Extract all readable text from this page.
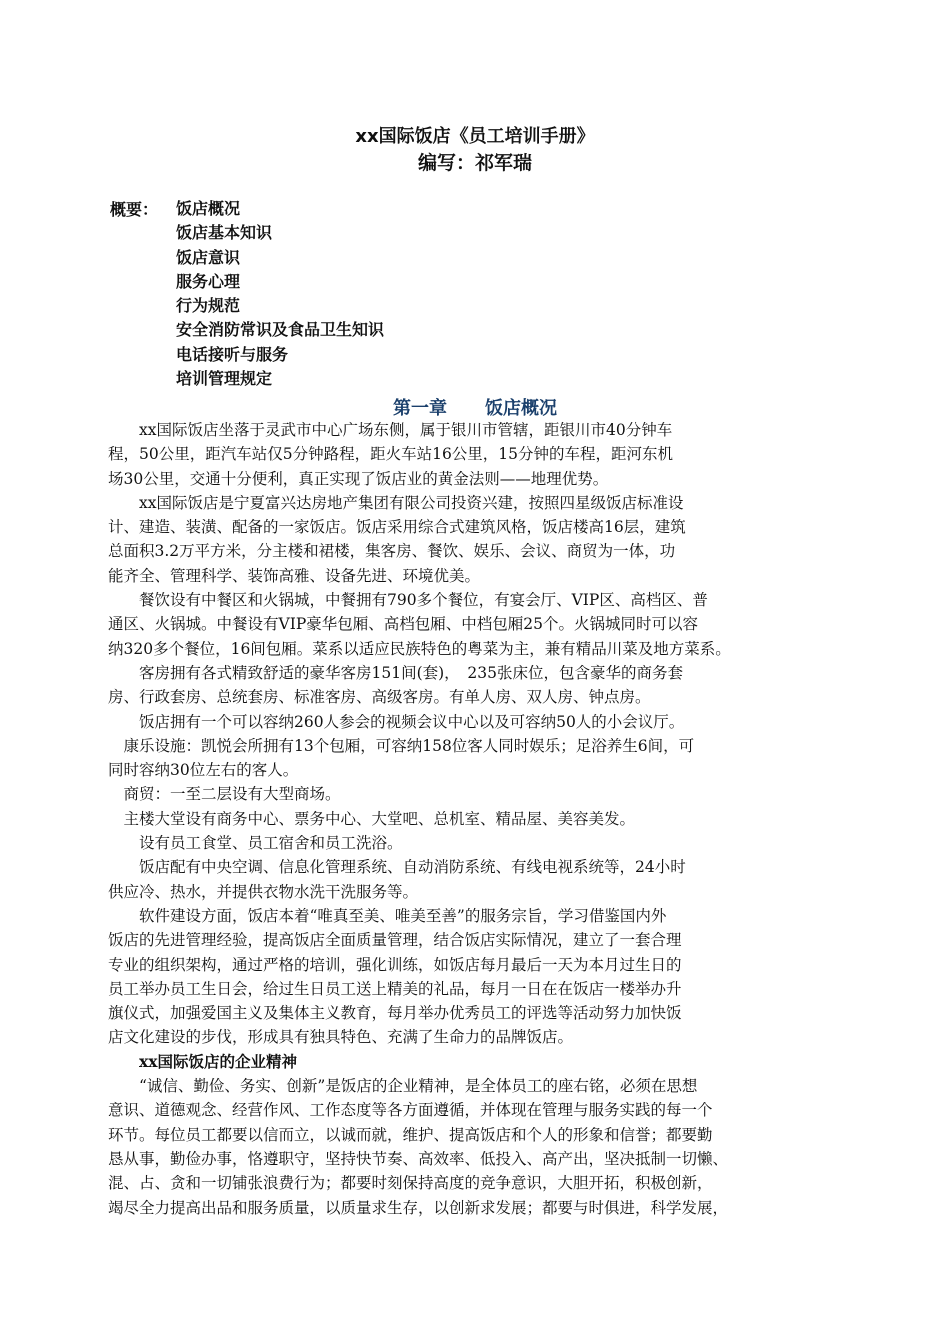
xx国际饭店《员工培训手册》
编写：祁军瑞
概要： 饭店概况
饭店基本知识
饭店意识
服务心理
行为规范
安全消防常识及食品卫生知识
电话接听与服务
培训管理规定
第一章 饭店概况
　　xx国际饭店坐落于灵武市中心广场东侧，属于银川市管辖，距银川市40分钟车
程，50公里，距汽车站仅5分钟路程，距火车站16公里，15分钟的车程，距河东机
场30公里，交通十分便利，真正实现了饭店业的黄金法则——地理优势。
　　xx国际饭店是宁夏富兴达房地产集团有限公司投资兴建，按照四星级饭店标准设
计、建造、装潢、配备的一家饭店。饭店采用综合式建筑风格，饭店楼高16层，建筑
总面积3.2万平方米，分主楼和裙楼，集客房、餐饮、娱乐、会议、商贸为一体，功
能齐全、管理科学、装饰高雅、设备先进、环境优美。
　　餐饮设有中餐区和火锅城，中餐拥有790多个餐位，有宴会厅、VIP区、高档区、普
通区、火锅城。中餐设有VIP豪华包厢、高档包厢、中档包厢25个。火锅城同时可以容
纳320多个餐位，16间包厢。菜系以适应民族特色的粤菜为主，兼有精品川菜及地方菜系。
　　客房拥有各式精致舒适的豪华客房151间(套)，　235张床位，包含豪华的商务套
房、行政套房、总统套房、标准客房、高级客房。有单人房、双人房、钟点房。
　　饭店拥有一个可以容纳260人参会的视频会议中心以及可容纳50人的小会议厅。
　康乐设施：凯悦会所拥有13个包厢，可容纳158位客人同时娱乐；足浴养生6间，可
同时容纳30位左右的客人。
　商贸：一至二层设有大型商场。
　主楼大堂设有商务中心、票务中心、大堂吧、总机室、精品屋、美容美发。
　　设有员工食堂、员工宿舍和员工洗浴。
　　饭店配有中央空调、信息化管理系统、自动消防系统、有线电视系统等，24小时
供应冷、热水，并提供衣物水洗干洗服务等。
　　软件建设方面，饭店本着“唯真至美、唯美至善”的服务宗旨，学习借鉴国内外
饭店的先进管理经验，提高饭店全面质量管理，结合饭店实际情况，建立了一套合理
专业的组织架构，通过严格的培训，强化训练，如饭店每月最后一天为本月过生日的
员工举办员工生日会，给过生日员工送上精美的礼品，每月一日在在饭店一楼举办升
旗仪式，加强爱国主义及集体主义教育，每月举办优秀员工的评选等活动努力加快饭
店文化建设的步伐，形成具有独具特色、充满了生命力的品牌饭店。
　　xx国际饭店的企业精神
　　“诚信、勤俭、务实、创新”是饭店的企业精神，是全体员工的座右铭，必须在思想
意识、道德观念、经营作风、工作态度等各方面遵循，并体现在管理与服务实践的每一个
环节。每位员工都要以信而立，以诚而就，维护、提高饭店和个人的形象和信誉；都要勤
恳从事，勤俭办事，恪遵职守，坚持快节奏、高效率、低投入、高产出，坚决抵制一切懒、
混、占、贪和一切铺张浪费行为；都要时刻保持高度的竞争意识，大胆开拓，积极创新，
竭尽全力提高出品和服务质量，以质量求生存，以创新求发展；都要与时俱进，科学发展，
